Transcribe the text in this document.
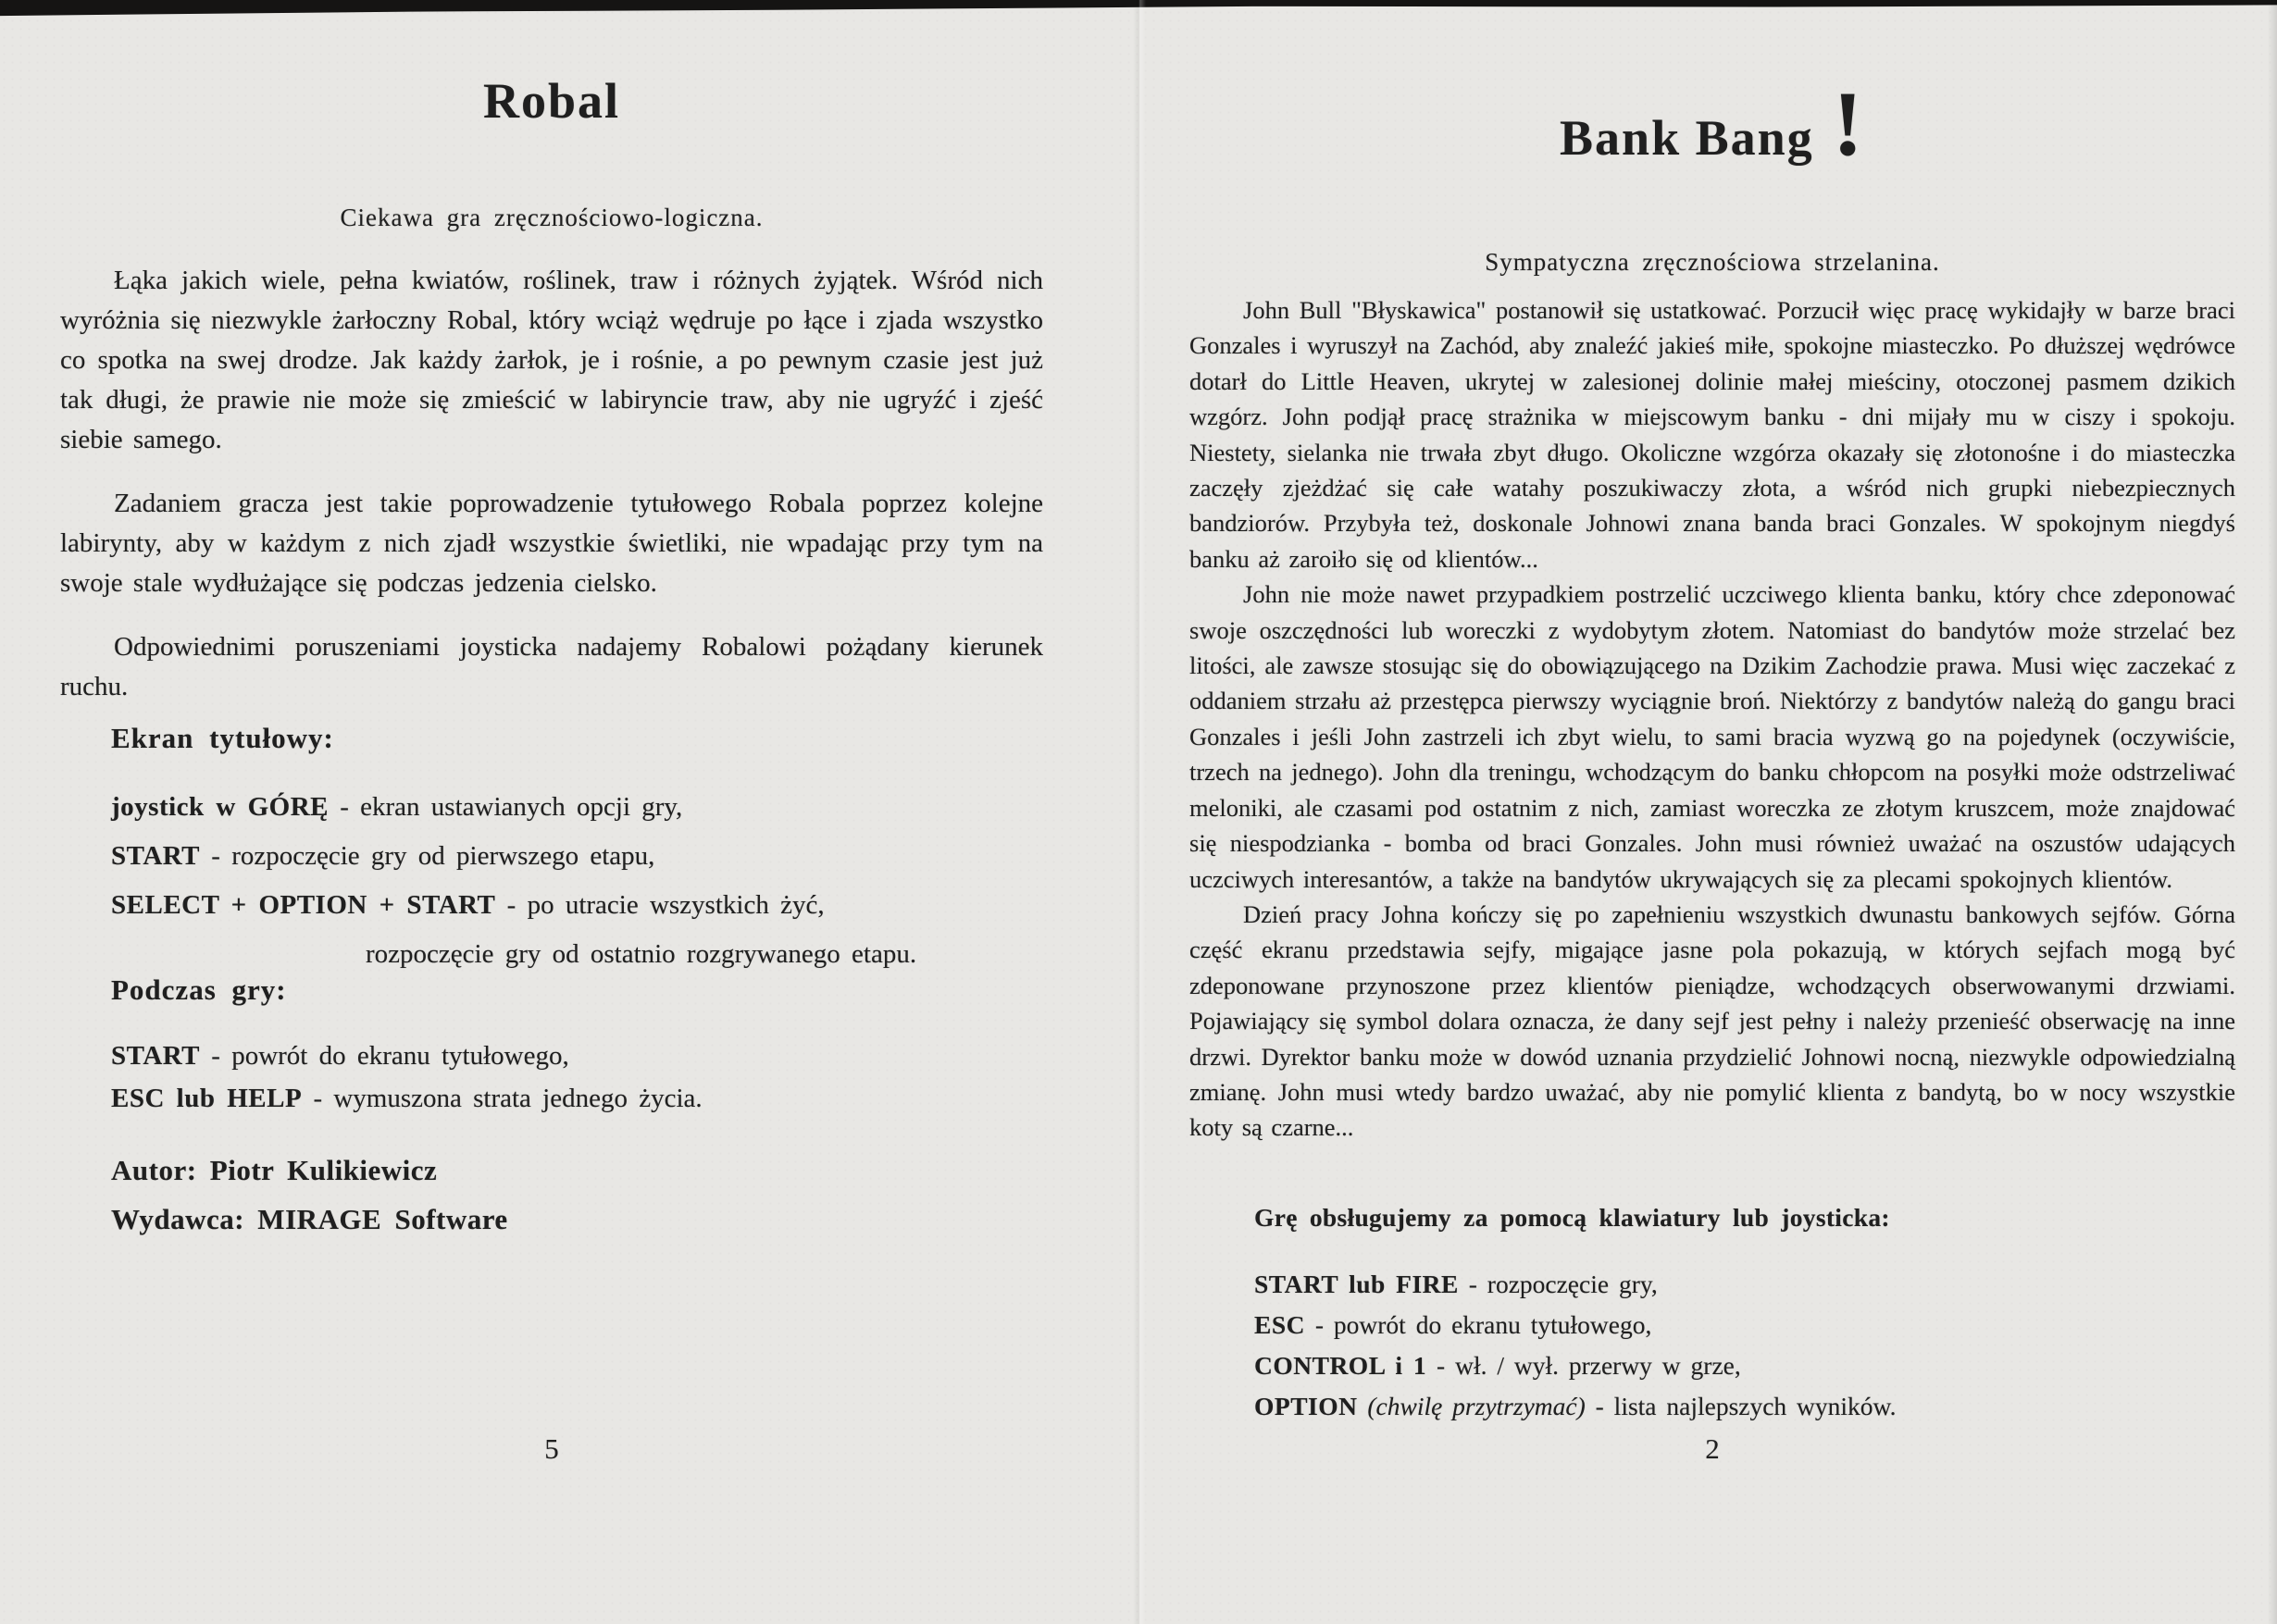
Robal
Ciekawa gra zręcznościowo-logiczna.

Łąka jakich wiele, pełna kwiatów, roślinek, traw i różnych żyjątek. Wśród nich wyróżnia się niezwykle żarłoczny Robal, który wciąż wędruje po łące i zjada wszystko co spotka na swej drodze. Jak każdy żarłok, je i rośnie, a po pewnym czasie jest już tak długi, że prawie nie może się zmieścić w labiryncie traw, aby nie ugryźć i zjeść siebie samego.

Zadaniem gracza jest takie poprowadzenie tytułowego Robala poprzez kolejne labirynty, aby w każdym z nich zjadł wszystkie świetliki, nie wpadając przy tym na swoje stale wydłużające się podczas jedzenia cielsko.

Odpowiednimi poruszeniami joysticka nadajemy Robalowi pożądany kierunek ruchu.

Ekran tytułowy:
joystick w GÓRĘ - ekran ustawianych opcji gry,
START - rozpoczęcie gry od pierwszego etapu,
SELECT + OPTION + START - po utracie wszystkich żyć,
rozpoczęcie gry od ostatnio rozgrywanego etapu.
Podczas gry:
START - powrót do ekranu tytułowego,
ESC lub HELP - wymuszona strata jednego życia.
Autor: Piotr Kulikiewicz
Wydawca: MIRAGE Software
5
Bank Bang !
Sympatyczna zręcznościowa strzelanina.

John Bull "Błyskawica" postanowił się ustatkować. Porzucił więc pracę wykidajły w barze braci Gonzales i wyruszył na Zachód, aby znaleźć jakieś miłe, spokojne miasteczko. Po dłuższej wędrówce dotarł do Little Heaven, ukrytej w zalesionej dolinie małej mieściny, otoczonej pasmem dzikich wzgórz. John podjął pracę strażnika w miejscowym banku - dni mijały mu w ciszy i spokoju. Niestety, sielanka nie trwała zbyt długo. Okoliczne wzgórza okazały się złotonośne i do miasteczka zaczęły zjeżdżać się całe watahy poszukiwaczy złota, a wśród nich grupki niebezpiecznych bandziorów. Przybyła też, doskonale Johnowi znana banda braci Gonzales. W spokojnym niegdyś banku aż zaroiło się od klientów...

John nie może nawet przypadkiem postrzelić uczciwego klienta banku, który chce zdeponować swoje oszczędności lub woreczki z wydobytym złotem. Natomiast do bandytów może strzelać bez litości, ale zawsze stosując się do obowiązującego na Dzikim Zachodzie prawa. Musi więc zaczekać z oddaniem strzału aż przestępca pierwszy wyciągnie broń. Niektórzy z bandytów należą do gangu braci Gonzales i jeśli John zastrzeli ich zbyt wielu, to sami bracia wyzwą go na pojedynek (oczywiście, trzech na jednego). John dla treningu, wchodzącym do banku chłopcom na posyłki może odstrzeliwać meloniki, ale czasami pod ostatnim z nich, zamiast woreczka ze złotym kruszcem, może znajdować się niespodzianka - bomba od braci Gonzales. John musi również uważać na oszustów udających uczciwych interesantów, a także na bandytów ukrywających się za plecami spokojnych klientów.

Dzień pracy Johna kończy się po zapełnieniu wszystkich dwunastu bankowych sejfów. Górna część ekranu przedstawia sejfy, migające jasne pola pokazują, w których sejfach mogą być zdeponowane przynoszone przez klientów pieniądze, wchodzących obserwowanymi drzwiami. Pojawiający się symbol dolara oznacza, że dany sejf jest pełny i należy przenieść obserwację na inne drzwi. Dyrektor banku może w dowód uznania przydzielić Johnowi nocną, niezwykle odpowiedzialną zmianę. John musi wtedy bardzo uważać, aby nie pomylić klienta z bandytą, bo w nocy wszystkie koty są czarne...

Grę obsługujemy za pomocą klawiatury lub joysticka:
START lub FIRE - rozpoczęcie gry,
ESC - powrót do ekranu tytułowego,
CONTROL i 1 - wł. / wył. przerwy w grze,
OPTION (chwilę przytrzymać) - lista najlepszych wyników.
2
